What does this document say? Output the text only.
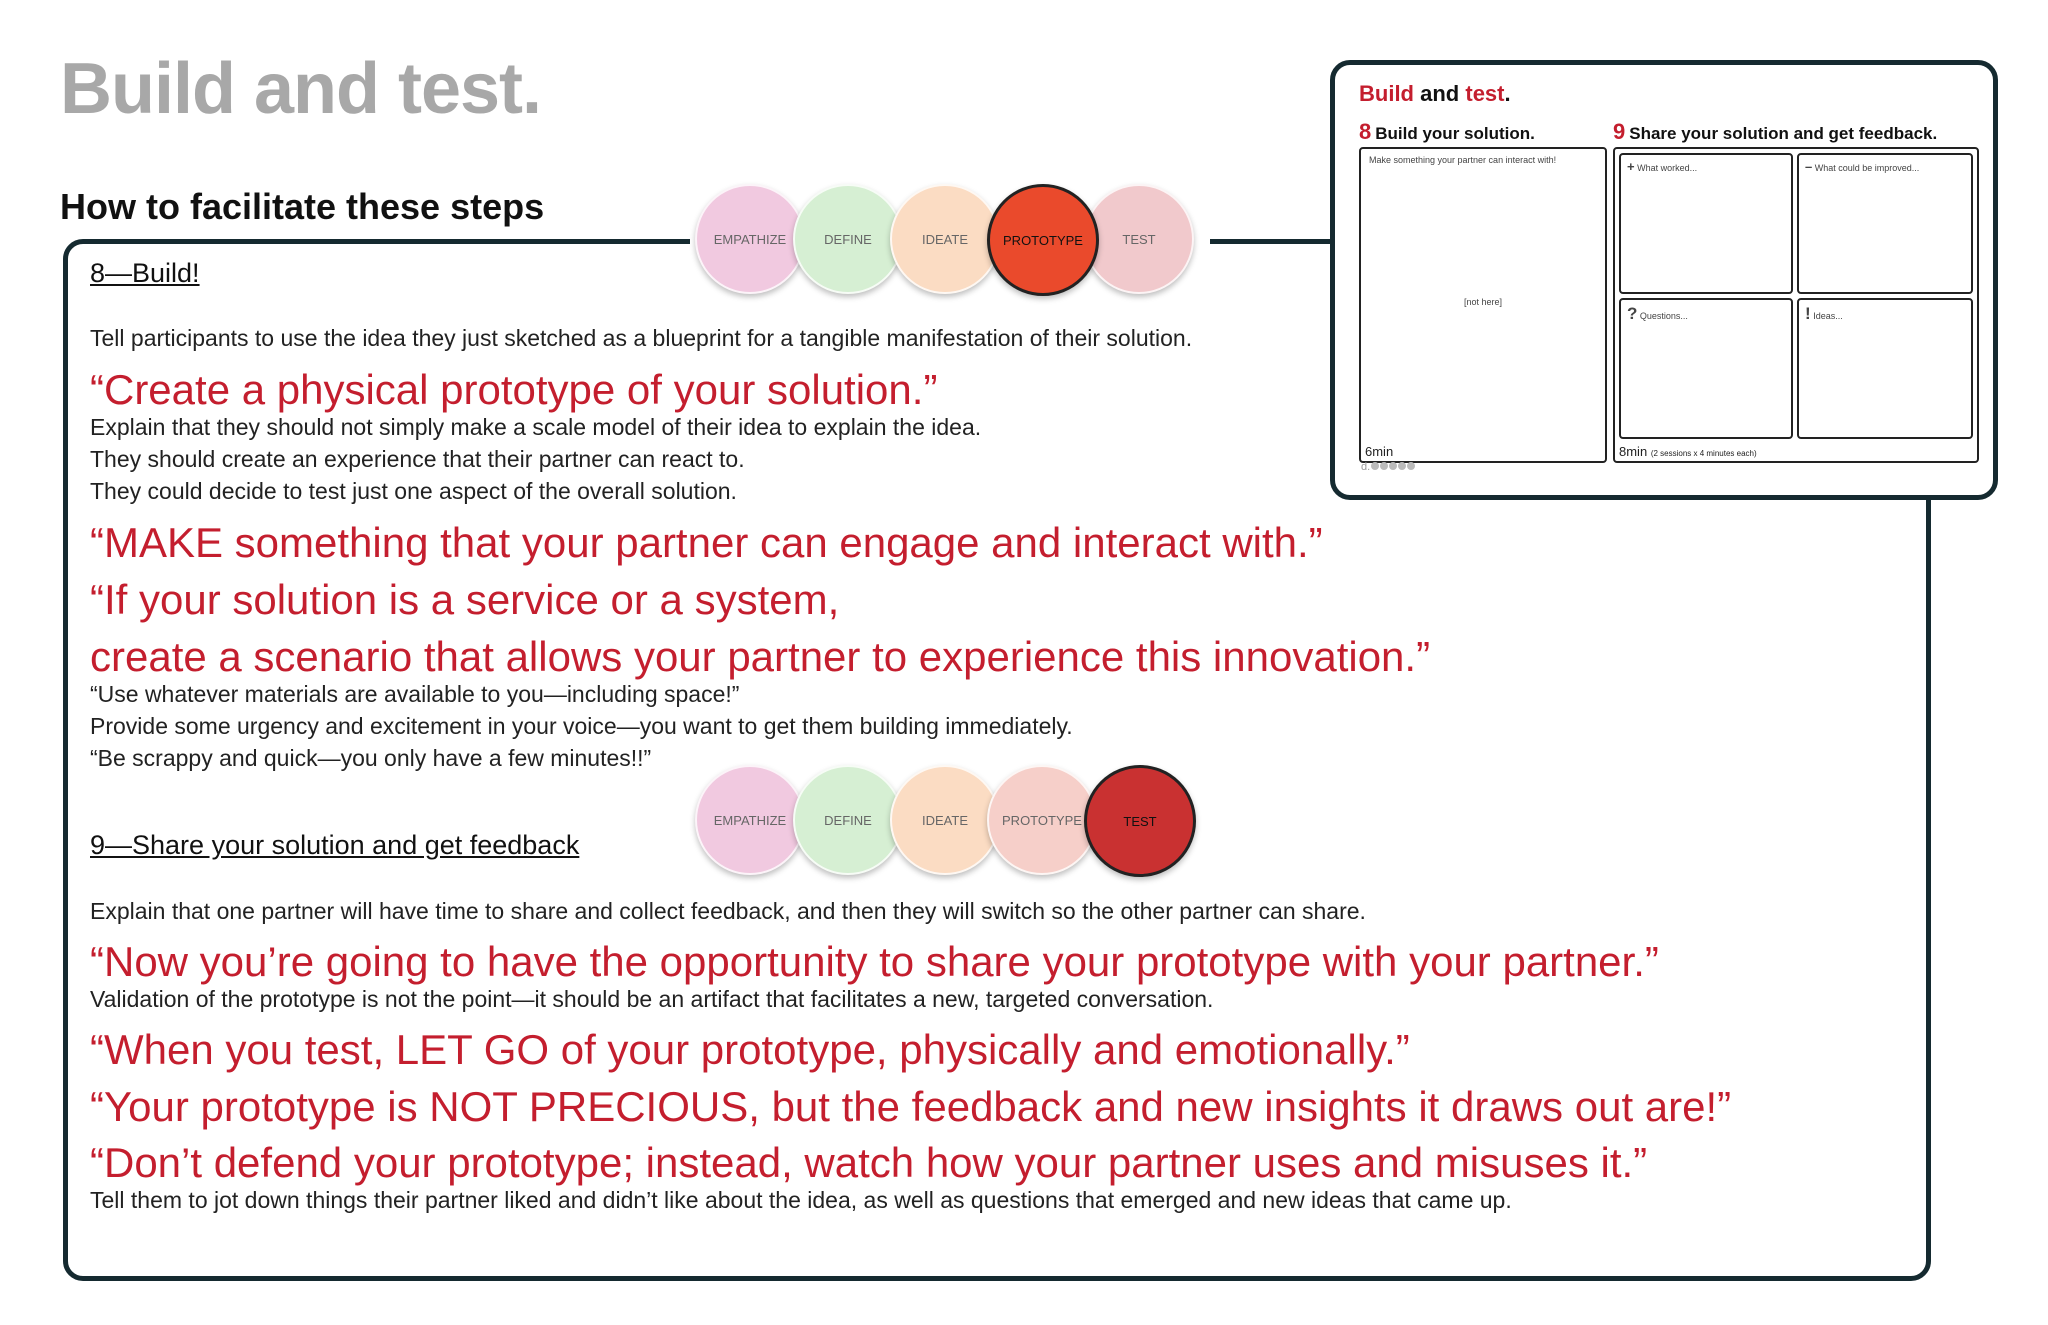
Build and test.
How to facilitate these steps
EMPATHIZE	DEFINE	IDEATE	TEST
PROTOTYPE
8—Build!
Tell participants to use the idea they just sketched as a blueprint for a tangible manifestation of their solution.
“Create a physical prototype of your solution.”
Explain that they should not simply make a scale model of their idea to explain the idea.
They should create an experience that their partner can react to.
They could decide to test just one aspect of the overall solution.
“MAKE something that your partner can engage and interact with.”
“If your solution is a service or a system,
create a scenario that allows your partner to experience this innovation.”
“Use whatever materials are available to you—including space!”
Provide some urgency and excitement in your voice—you want to get them building immediately.
“Be scrappy and quick—you only have a few minutes!!”
EMPATHIZE	DEFINE	IDEATE	PROTOTYPE	TEST
9—Share your solution and get feedback
Explain that one partner will have time to share and collect feedback, and then they will switch so the other partner can share.
“Now you’re going to have the opportunity to share your prototype with your partner.”
Validation of the prototype is not the point—it should be an artifact that facilitates a new, targeted conversation.
“When you test, LET GO of your prototype, physically and emotionally.”
“Your prototype is NOT PRECIOUS, but the feedback and new insights it draws out are!”
“Don’t defend your prototype; instead, watch how your partner uses and misuses it.”
Tell them to jot down things their partner liked and didn’t like about the idea, as well as questions that emerged and new ideas that came up.
Build and test.
8 Build your solution.	9 Share your solution and get feedback.
Make something your partner can interact with!
[not here]
6min
d.
+ What worked...	– What could be improved...
? Questions...	! Ideas...
8min (2 sessions x 4 minutes each)
